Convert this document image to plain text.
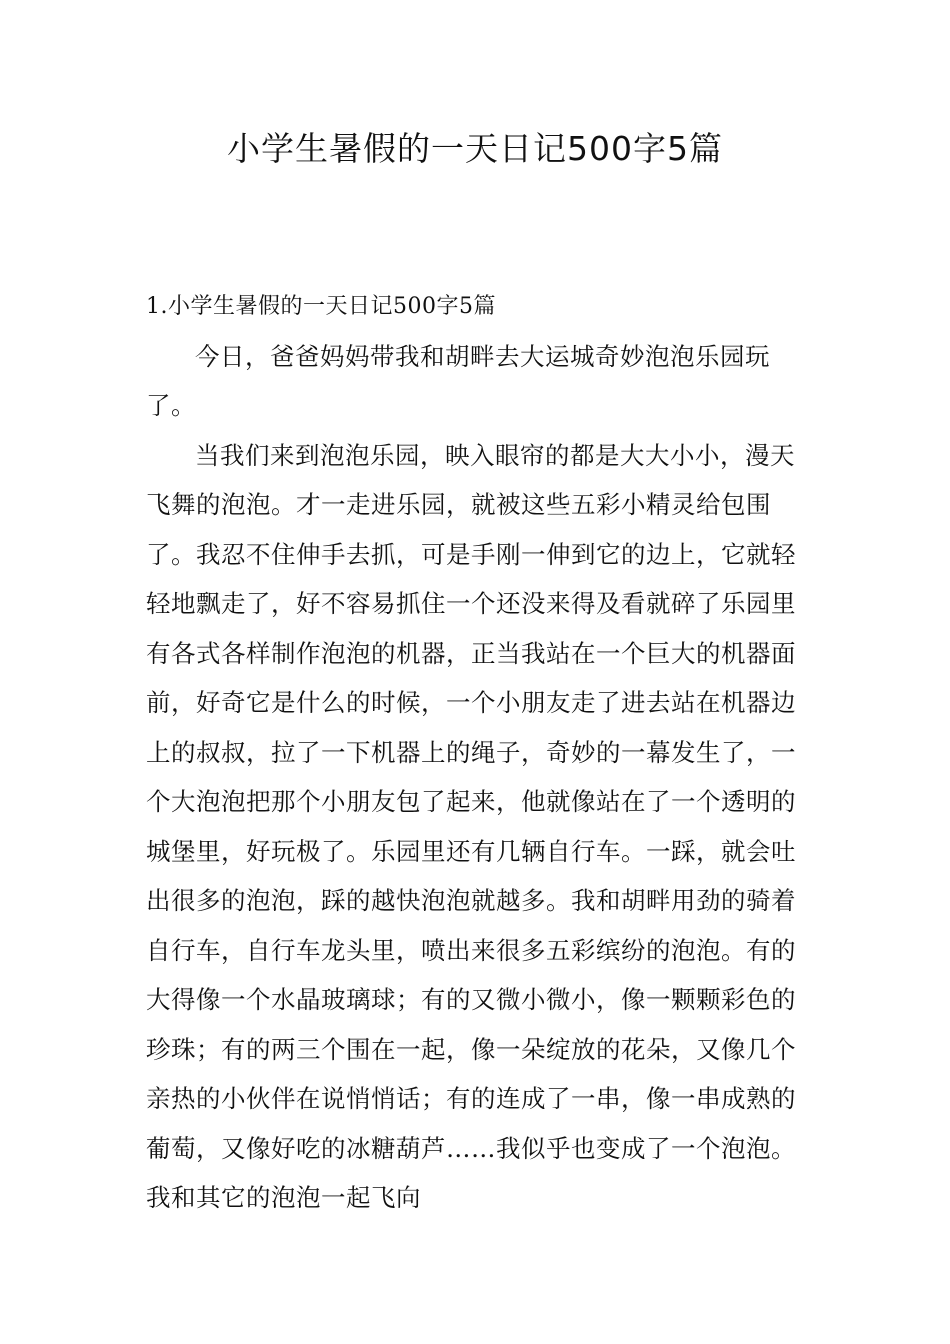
小学生暑假的一天日记500字5篇

1.小学生暑假的一天日记500字5篇

今日，爸爸妈妈带我和胡畔去大运城奇妙泡泡乐园玩了。

当我们来到泡泡乐园，映入眼帘的都是大大小小，漫天飞舞的泡泡。才一走进乐园，就被这些五彩小精灵给包围了。我忍不住伸手去抓，可是手刚一伸到它的边上，它就轻轻地飘走了，好不容易抓住一个还没来得及看就碎了乐园里有各式各样制作泡泡的机器，正当我站在一个巨大的机器面前，好奇它是什么的时候，一个小朋友走了进去站在机器边上的叔叔，拉了一下机器上的绳子，奇妙的一幕发生了，一个大泡泡把那个小朋友包了起来，他就像站在了一个透明的城堡里，好玩极了。乐园里还有几辆自行车。一踩，就会吐出很多的泡泡，踩的越快泡泡就越多。我和胡畔用劲的骑着自行车，自行车龙头里，喷出来很多五彩缤纷的泡泡。有的大得像一个水晶玻璃球；有的又微小微小，像一颗颗彩色的珍珠；有的两三个围在一起，像一朵绽放的花朵，又像几个亲热的小伙伴在说悄悄话；有的连成了一串，像一串成熟的葡萄，又像好吃的冰糖葫芦……我似乎也变成了一个泡泡。我和其它的泡泡一起飞向
